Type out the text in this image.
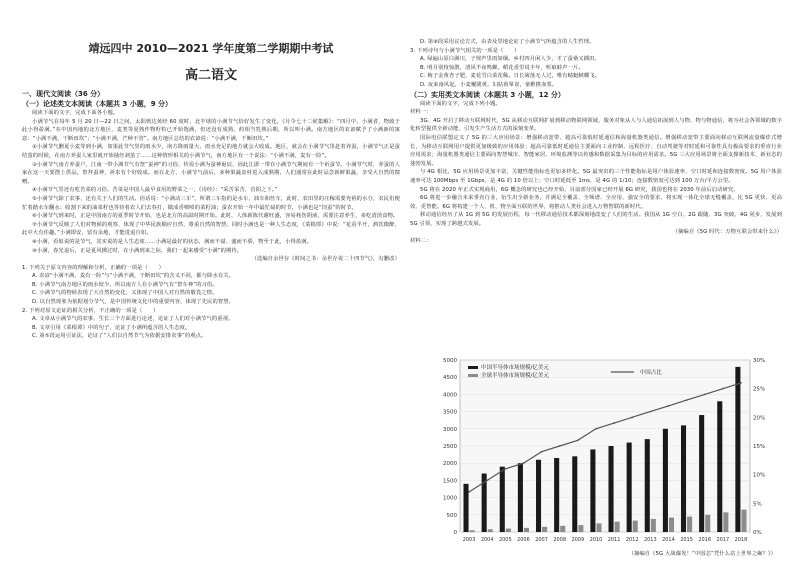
靖远四中 2010—2021 学年度第二学期期中考试
高二语文
一、现代文阅读（36 分）
（一）论述类文本阅读（本题共 3 小题，9 分）

阅读下面的文字，完成下面各小题。

小满节气在每年 5 月 20 日—22 日之间，太阳到达黄经 60 度时，北半球的小满节气恰好发生了变化，《月令七十二候集解》：“四月中，小满者，物致于此小得盈满。”在中国内地的北方地区，麦类等夏熟作物籽粒已开始饱满，但还没有成熟，约相当乳熟后期，所以叫小满。南方地区的农谚赋予了小满新的寓意：“小满不满，干断田坎”；“小满不满，芒种不管”。南方地区总结的农谚说：“小满不满，干断田坎。”

②小满节气删夏小麦等到小满，如果此节气里的雨水少，南方降雨量大，雨水充足的地方就会大收成。地区，就会在小满节气里赶着养蚕，小满节气正是蚕结茧的时候，在南方养蚕人家里就开始抽丝剥茧了……这种情形相关的小满节气，南方地区有一个说法：“小满不满，麦有一险”。

③小满节气南方养蚕户，江南一带小满节气有祭“蚕神”的习俗，传说小满为蚕神诞辰，因此江浙一带在小满节气期间有一个祈蚕节。小满节气时，养蚕的人家在这一天要摆上供品，祭拜蚕神，祈求有个好收成。而在北方，小满节气前后，多种果蔬食材进入成熟期，人们通常在此时品尝新鲜果蔬，享受大自然的馈赠。

④小满节气里还有吃苦菜的习俗。苦菜是中国人最早食用的野菜之一，《诗经》：“采苦采苦，首阳之下。”

⑤小满节气除了农事，还有关于人们的生活。俗话说：“小满动三车”，所谓三车指的是水车、油车和丝车，此时，农田里的庄稼需要充裕的水分，农民们便忙着踏水车翻水；收割下来的油菜籽也等待着农人们去春打，做成香喷喷的菜籽油；蚕农开始一年中最忙碌的时节，小满也是“饲蚕”的时节。

⑥小满节气到来时，正是中国南方的夏季时节开始，也是北方的高温时期开始。此时，人体新陈代谢旺盛，容易耗伤阴液，需要注意养生，多吃清淡食物。

⑦小满节气反映了人们对物候的观察，体现了中华民族顺应自然、尊重自然的智慧。同时小满也是一种人生态度，《菜根谭》中说：“花看半开，酒饮微醉，此中大有佳趣。”小满即安，留有余地，才能进退自如。

⑧小满，看似说的是节气，其实说的是人生态度……小满是最好的状态，满而不溢、盛而不骄，物至于此，小得盈满。

⑨小满，春光退后，正是夏风拂过时，在小满到来之际，我们一起来感受“小满”的期待。

（选编自余世存《时间之书：余世存说二十四节气》，有删改）

1. 下列关于原文内容的理解和分析，正确的一项是（　　）

A. 农谚“小满不满，麦有一险”与“小满不满，干断田坎”的含义不同，都与降水有关。

B. 小满节气南方地区的雨水较少，所以南方人在小满节气有“祭车神”的习俗。

C. 小满节气的物候表现了大自然的变化，又体现了中国人对自然的敬畏之情。

D. 以自然现象为依据划分节气，是中国传统文化中的重要内容，体现了先民的智慧。

2. 下列对原文论证的相关分析，不正确的一项是（　　）

A. 文章从小满节气的农事、生长三个方面进行论述，论证了人们对小满节气的重视。

B. 文章引用《菜根谭》中的句子，论证了小满所蕴含的人生态度。

C. 第⑤段运用引证法，论证了“人们以自然节气为依据安排农事”的观点。

D. 第⑧段采用议论方式，由表及里地论证了小满节气所蕴含的人生哲理。

3. 下列诗句与小满节气相关的一项是（　　）

A. 绿遍山原白满川，子规声里雨如烟。乡村四月闲人少，才了蚕桑又插田。

B. 明月别枝惊鹊，清风半夜鸣蝉。稻花香里说丰年，听取蛙声一片。

C. 梅子金黄杏子肥，麦花雪白菜花稀。日长篱落无人过，唯有蜻蜓蛱蝶飞。

D. 夜来南风起，小麦覆陇黄。妇姑荷箪食，童稚携壶浆。

（二）实用类文本阅读（本题共 3 小题，12 分）

阅读下面的文字，完成下列小题。

材料一：

3G、4G 开启了移动互联网时代，5G 从移动互联网扩展到移动物联网领域，服务对象从人与人通信拓展到人与物、物与物通信，将为社会各领域的数字化转型提供全新动能，引发生产生活方式的深刻变革。

国际电信联盟定义了 5G 的三大应用场景：增强移动宽带、超高可靠低时延通信和海量机器类通信。增强移动宽带主要面向移动互联网流量爆炸式增长，为移动互联网用户提供更加极致的应用体验；超高可靠低时延通信主要面向工业控制、远程医疗、自动驾驶等对时延和可靠性具有极高要求的垂直行业应用需求；海量机器类通信主要面向智慧城市、智能家居、环境监测等以传感和数据采集为目标的应用需求。5G 三大应用场景将全面支撑新技术、新业态的蓬勃发展。

与 4G 相比，5G 应用场景更加丰富，关键性能指标也更加多样化。5G 最突出的三个性能指标是用户体验速率、空口时延和连接数密度。5G 用户体验速率可达 100Mbps 至 1Gbps，是 4G 的 10 倍以上；空口时延低至 1ms，是 4G 的 1/10；连接数密度可达到 100 万台/平方公里。

5G 将在 2020 年正式实现商用，6G 概念的研究也已经开始，目前部分国家已经开展 6G 研究，我国也将在 2030 年前后启动研究。

6G 将进一步融合未来垂直行业，衍生出全新业务，并满足全覆盖、全频谱、全应用、强安全的要求，将实现一体化全球无缝覆盖，比 5G 更快、更高效、更智能。6G 将构建一个人、机、物全面互联的世界，将推动人类社会进入万物智联的新时代。

移动通信经历了从 1G 到 5G 的发展历程，每一代移动通信技术都深刻地改变了人们的生活。我国从 1G 空白、2G 跟随、3G 突破、4G 同步，发展到 5G 引领，实现了跨越式发展。

（摘编自《5G 时代：万物互联会带来什么》）

材料二：

0
500
1000
1500
2000
2500
3000
3500
4000
4500
5000
0%
5%
10%
15%
20%
25%
30%
2003 2004 2005 2006 2007 2008 2009 2010 2011 2012 2013 2014 2015 2016 2017 2018
中国半导体市场规模/亿美元
全球半导体市场规模/亿美元	中国占比

（摘编自《5G 大战爆发！“中国芯”凭什么站上世界之巅？》）
